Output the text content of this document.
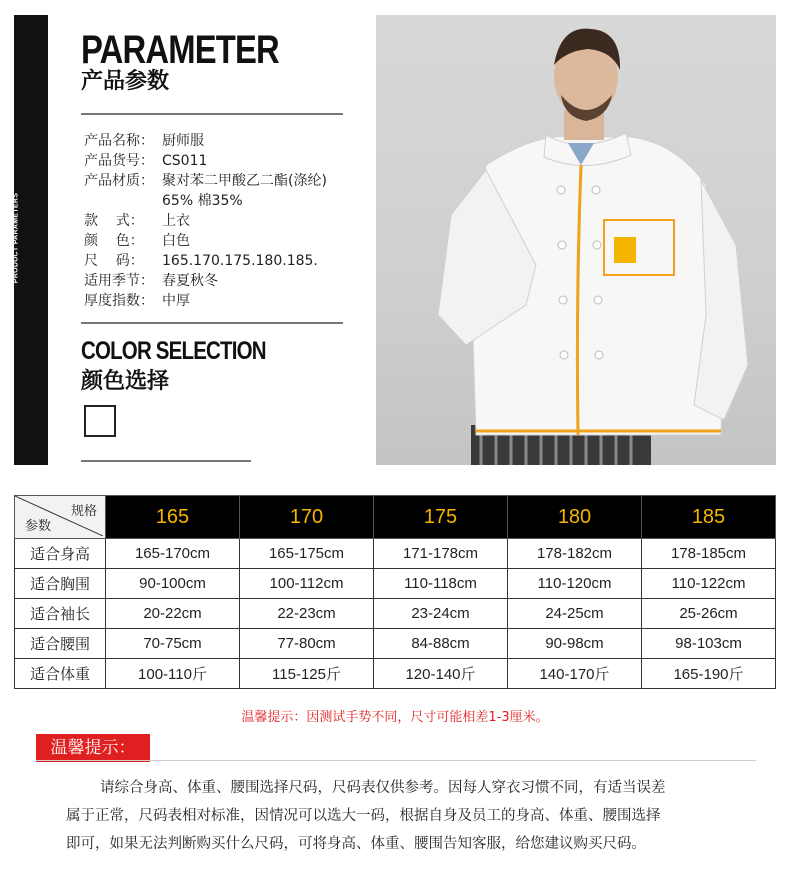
PRODUCT PARAMETERS
PARAMETER
产品参数
产品名称： 厨师服
产品货号： CS011
产品材质： 聚对苯二甲酸乙二酯(涤纶)
65% 棉35%
款    式：	上衣
颜    色：	白色
尺    码：	165.170.175.180.185.
适用季节： 春夏秋冬
厚度指数： 中厚
COLOR SELECTION
颜色选择
规格
参数	165	170	175	180	185
适合身高	165-170cm	165-175cm	171-178cm	178-182cm	178-185cm
适合胸围	90-100cm	100-112cm	110-118cm	110-120cm	110-122cm
适合袖长	20-22cm	22-23cm	23-24cm	24-25cm	25-26cm
适合腰围	70-75cm	77-80cm	84-88cm	90-98cm	98-103cm
适合体重	100-110斤	115-125斤	120-140斤	140-170斤	165-190斤
温馨提示：因测试手势不同，尺寸可能相差1-3厘米。
温馨提示：
请综合身高、体重、腰围选择尺码，尺码表仅供参考。因每人穿衣习惯不同，有适当误差
属于正常，尺码表相对标准，因情况可以选大一码，根据自身及员工的身高、体重、腰围选择
即可，如果无法判断购买什么尺码，可将身高、体重、腰围告知客服，给您建议购买尺码。
